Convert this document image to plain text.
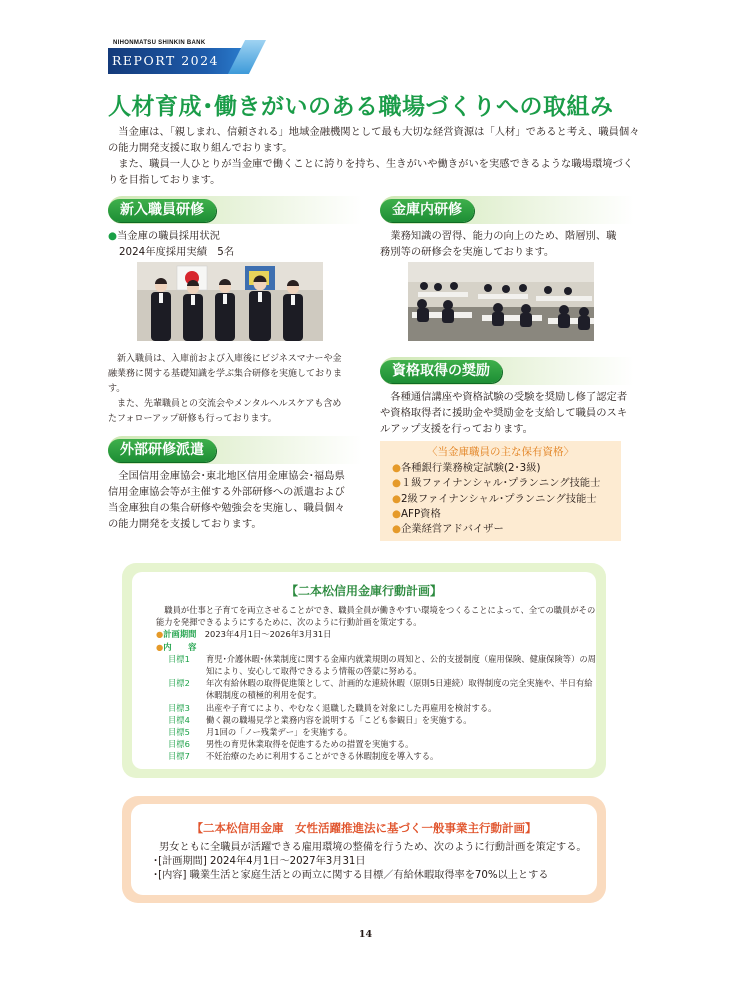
NIHONMATSU SHINKIN BANK
REPORT 2024
人材育成･働きがいのある職場づくりへの取組み

当金庫は、「親しまれ、信頼される」地域金融機関として最も大切な経営資源は「人材」であると考え、職員個々の能力開発支援に取り組んでおります。

また、職員一人ひとりが当金庫で働くことに誇りを持ち、生きがいや働きがいを実感できるような職場環境づくりを目指しております。

新入職員研修
●当金庫の職員採用状況
2024年度採用実績　5名

新入職員は、入庫前および入庫後にビジネスマナーや金融業務に関する基礎知識を学ぶ集合研修を実施しております。

また、先輩職員との交流会やメンタルヘルスケアも含めたフォローアップ研修も行っております。

金庫内研修
業務知識の習得、能力の向上のため、階層別、職務別等の研修会を実施しております。
資格取得の奨励
各種通信講座や資格試験の受験を奨励し修了認定者や資格取得者に援助金や奨励金を支給して職員のスキルアップ支援を行っております。
〈当金庫職員の主な保有資格〉
● 各種銀行業務検定試験(2･3級)
● １級ファイナンシャル･プランニング技能士
● 2級ファイナンシャル･プランニング技能士
● AFP資格
● 企業経営アドバイザー
外部研修派遣
全国信用金庫協会･東北地区信用金庫協会･福島県信用金庫協会等が主催する外部研修への派遣および当金庫独自の集合研修や勉強会を実施し、職員個々の能力開発を支援しております。
【二本松信用金庫行動計画】

職員が仕事と子育てを両立させることができ、職員全員が働きやすい環境をつくることによって、全ての職員がその能力を発揮できるようにするために、次のように行動計画を策定する。

●計画期間　 2023年4月1日～2026年3月31日
●内　　容
目標1	育児･介護休暇･休業制度に関する金庫内就業規則の周知と、公的支援制度（雇用保険、健康保険等）の周知により、安心して取得できるよう情報の啓蒙に努める。
目標2	年次有給休暇の取得促進策として、計画的な連続休暇（原則5日連続）取得制度の完全実施や、半日有給休暇制度の積極的利用を促す。
目標3	出産や子育てにより、やむなく退職した職員を対象にした再雇用を検討する。
目標4	働く親の職場見学と業務内容を説明する「こども参観日」を実施する。
目標5	月1回の「ノー残業デー」を実施する。
目標6	男性の育児休業取得を促進するための措置を実施する。
目標7	不妊治療のために利用することができる休暇制度を導入する。
【二本松信用金庫　女性活躍推進法に基づく一般事業主行動計画】

男女ともに全職員が活躍できる雇用環境の整備を行うため、次のように行動計画を策定する。

･[計画期間] 2024年4月1日～2027年3月31日

･[内容] 職業生活と家庭生活との両立に関する目標／有給休暇取得率を70%以上とする

14
